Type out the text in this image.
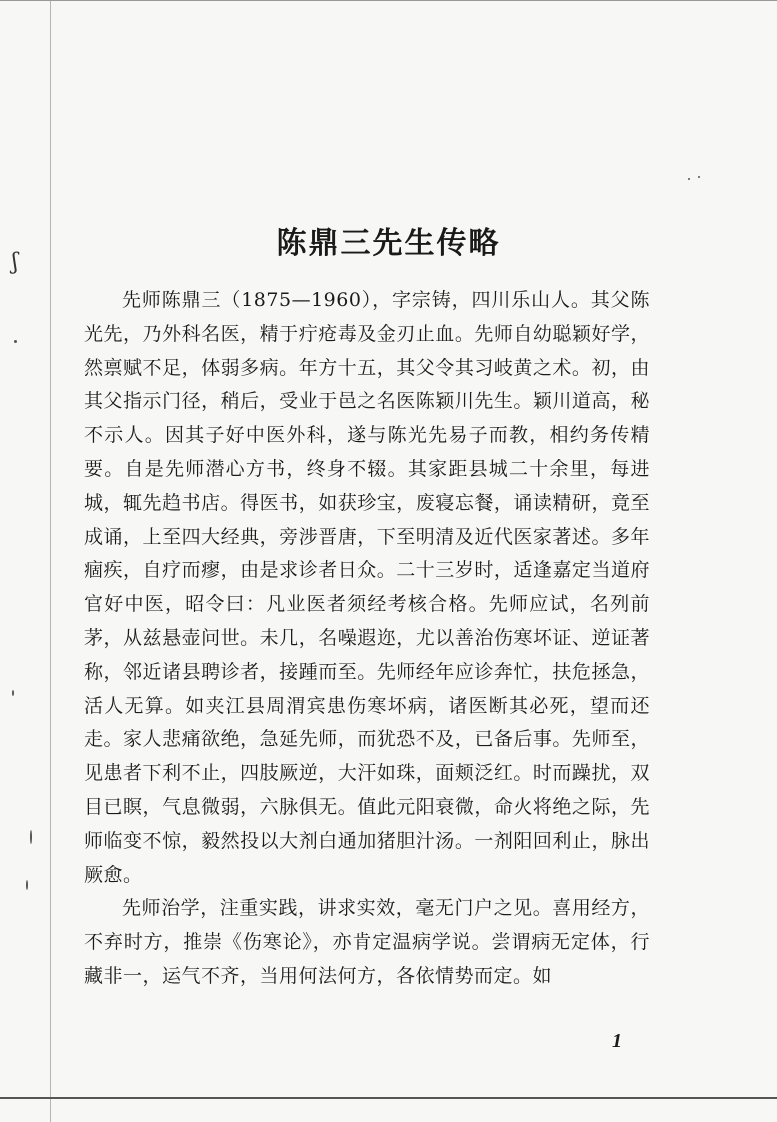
ʃ
陈鼎三先生传略

先师陈鼎三（1875—1960），字宗铸，四川乐山人。其父陈光先，乃外科名医，精于疔疮毒及金刃止血。先师自幼聪颖好学，然禀赋不足，体弱多病。年方十五，其父令其习岐黄之术。初，由其父指示门径，稍后，受业于邑之名医陈颖川先生。颖川道高，秘不示人。因其子好中医外科，遂与陈光先易子而教，相约务传精要。自是先师潜心方书，终身不辍。其家距县城二十余里，每进城，辄先趋书店。得医书，如获珍宝，废寝忘餐，诵读精研，竟至成诵，上至四大经典，旁涉晋唐，下至明清及近代医家著述。多年痼疾，自疗而瘳，由是求诊者日众。二十三岁时，适逢嘉定当道府官好中医，昭令曰：凡业医者须经考核合格。先师应试，名列前茅，从兹悬壶问世。未几，名噪遐迩，尤以善治伤寒坏证、逆证著称，邻近诸县聘诊者，接踵而至。先师经年应诊奔忙，扶危拯急，活人无算。如夹江县周渭宾患伤寒坏病，诸医断其必死，望而还走。家人悲痛欲绝，急延先师，而犹恐不及，已备后事。先师至，见患者下利不止，四肢厥逆，大汗如珠，面颊泛红。时而躁扰，双目已瞑，气息微弱，六脉俱无。值此元阳衰微，命火将绝之际，先师临变不惊，毅然投以大剂白通加猪胆汁汤。一剂阳回利止，脉出厥愈。

先师治学，注重实践，讲求实效，毫无门户之见。喜用经方，不弃时方，推崇《伤寒论》，亦肯定温病学说。尝谓病无定体，行藏非一，运气不齐，当用何法何方，各依情势而定。如

1
